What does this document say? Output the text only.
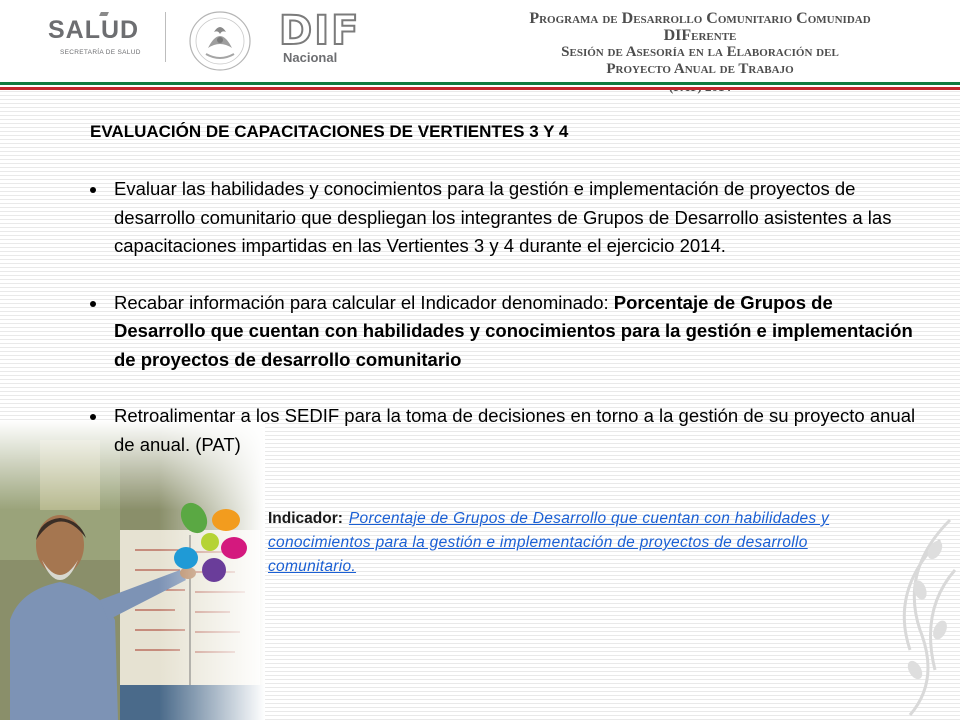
SALUD
SECRETARÍA DE SALUD	DIF
Nacional
Programa de Desarrollo Comunitario Comunidad DIFerente
Sesión de Asesoría en la Elaboración del
Proyecto Anual de Trabajo
EVALUACIÓN DE CAPACITACIONES DE VERTIENTES 3 Y 4
Evaluar las habilidades y conocimientos para la gestión e implementación de proyectos de desarrollo comunitario que despliegan los integrantes de Grupos de Desarrollo asistentes a las capacitaciones impartidas en las Vertientes 3 y 4 durante el ejercicio 2014.
Recabar información para calcular el Indicador denominado: Porcentaje de Grupos de Desarrollo que cuentan con habilidades y conocimientos para la gestión e implementación de proyectos de desarrollo comunitario
Retroalimentar a los SEDIF para la toma de decisiones en torno a la gestión de su proyecto anual de anual. (PAT)
Indicador: Porcentaje de Grupos de Desarrollo que cuentan con habilidades y conocimientos para la gestión e implementación de proyectos de desarrollo comunitario.
